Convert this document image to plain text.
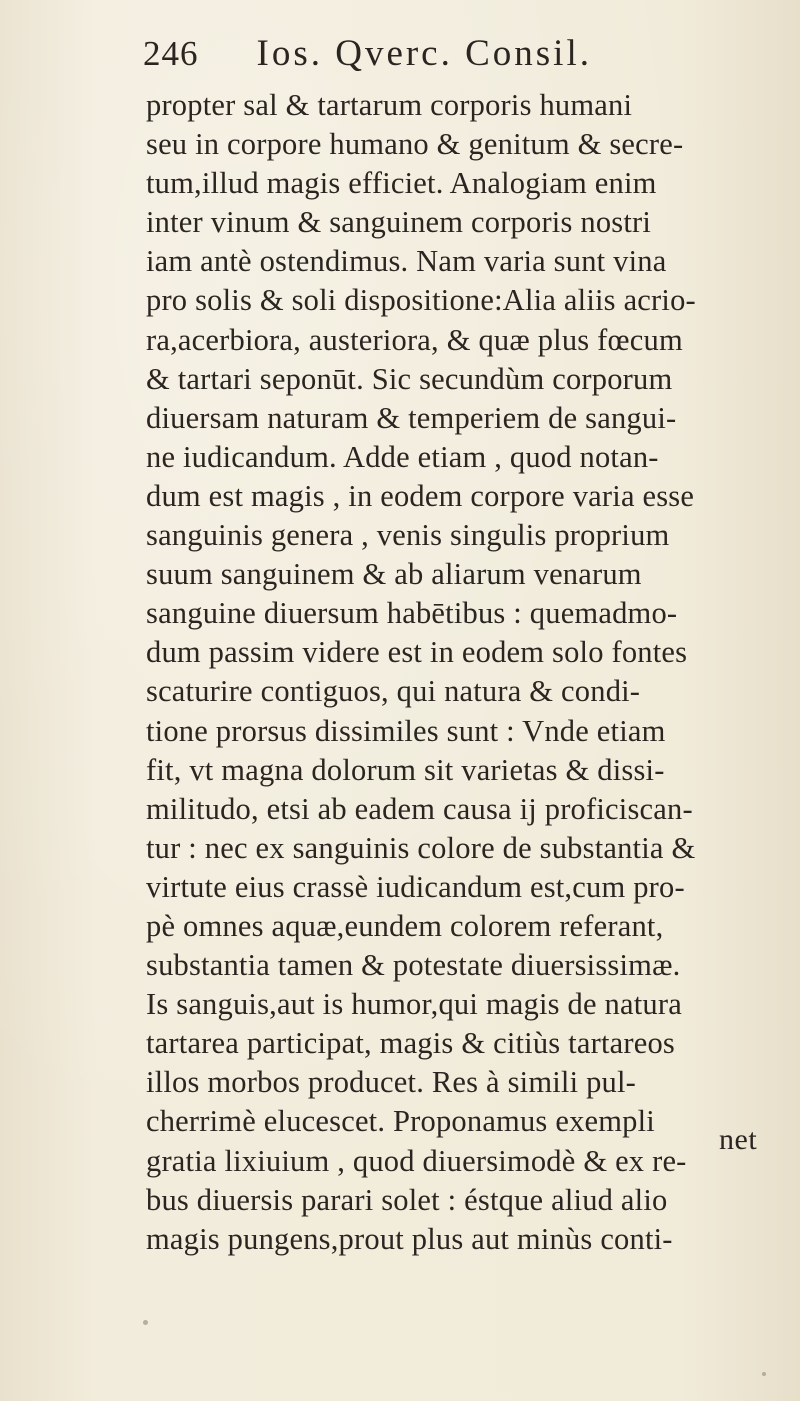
246 Ios. Qverc. Consil.
propter sal & tartarum corporis humani
seu in corpore humano & genitum & secre-
tum,illud magis efficiet. Analogiam enim
inter vinum & sanguinem corporis nostri
iam antè ostendimus. Nam varia sunt vina
pro solis & soli dispositione:Alia aliis acrio-
ra,acerbiora, austeriora, & quæ plus fœcum
& tartari seponūt. Sic secundùm corporum
diuersam naturam & temperiem de sangui-
ne iudicandum. Adde etiam , quod notan-
dum est magis , in eodem corpore varia esse
sanguinis genera , venis singulis proprium
suum sanguinem & ab aliarum venarum
sanguine diuersum habētibus : quemadmo-
dum passim videre est in eodem solo fontes
scaturire contiguos, qui natura & condi-
tione prorsus dissimiles sunt : Vnde etiam
fit, vt magna dolorum sit varietas & dissi-
militudo, etsi ab eadem causa ij proficiscan-
tur : nec ex sanguinis colore de substantia &
virtute eius crassè iudicandum est,cum pro-
pè omnes aquæ,eundem colorem referant,
substantia tamen & potestate diuersissimæ.
Is sanguis,aut is humor,qui magis de natura
tartarea participat, magis & citiùs tartareos
illos morbos producet. Res à simili pul-
cherrimè elucescet. Proponamus exempli
gratia lixiuium , quod diuersimodè & ex re-
bus diuersis parari solet : éstque aliud alio
magis pungens,prout plus aut minùs conti-
net
